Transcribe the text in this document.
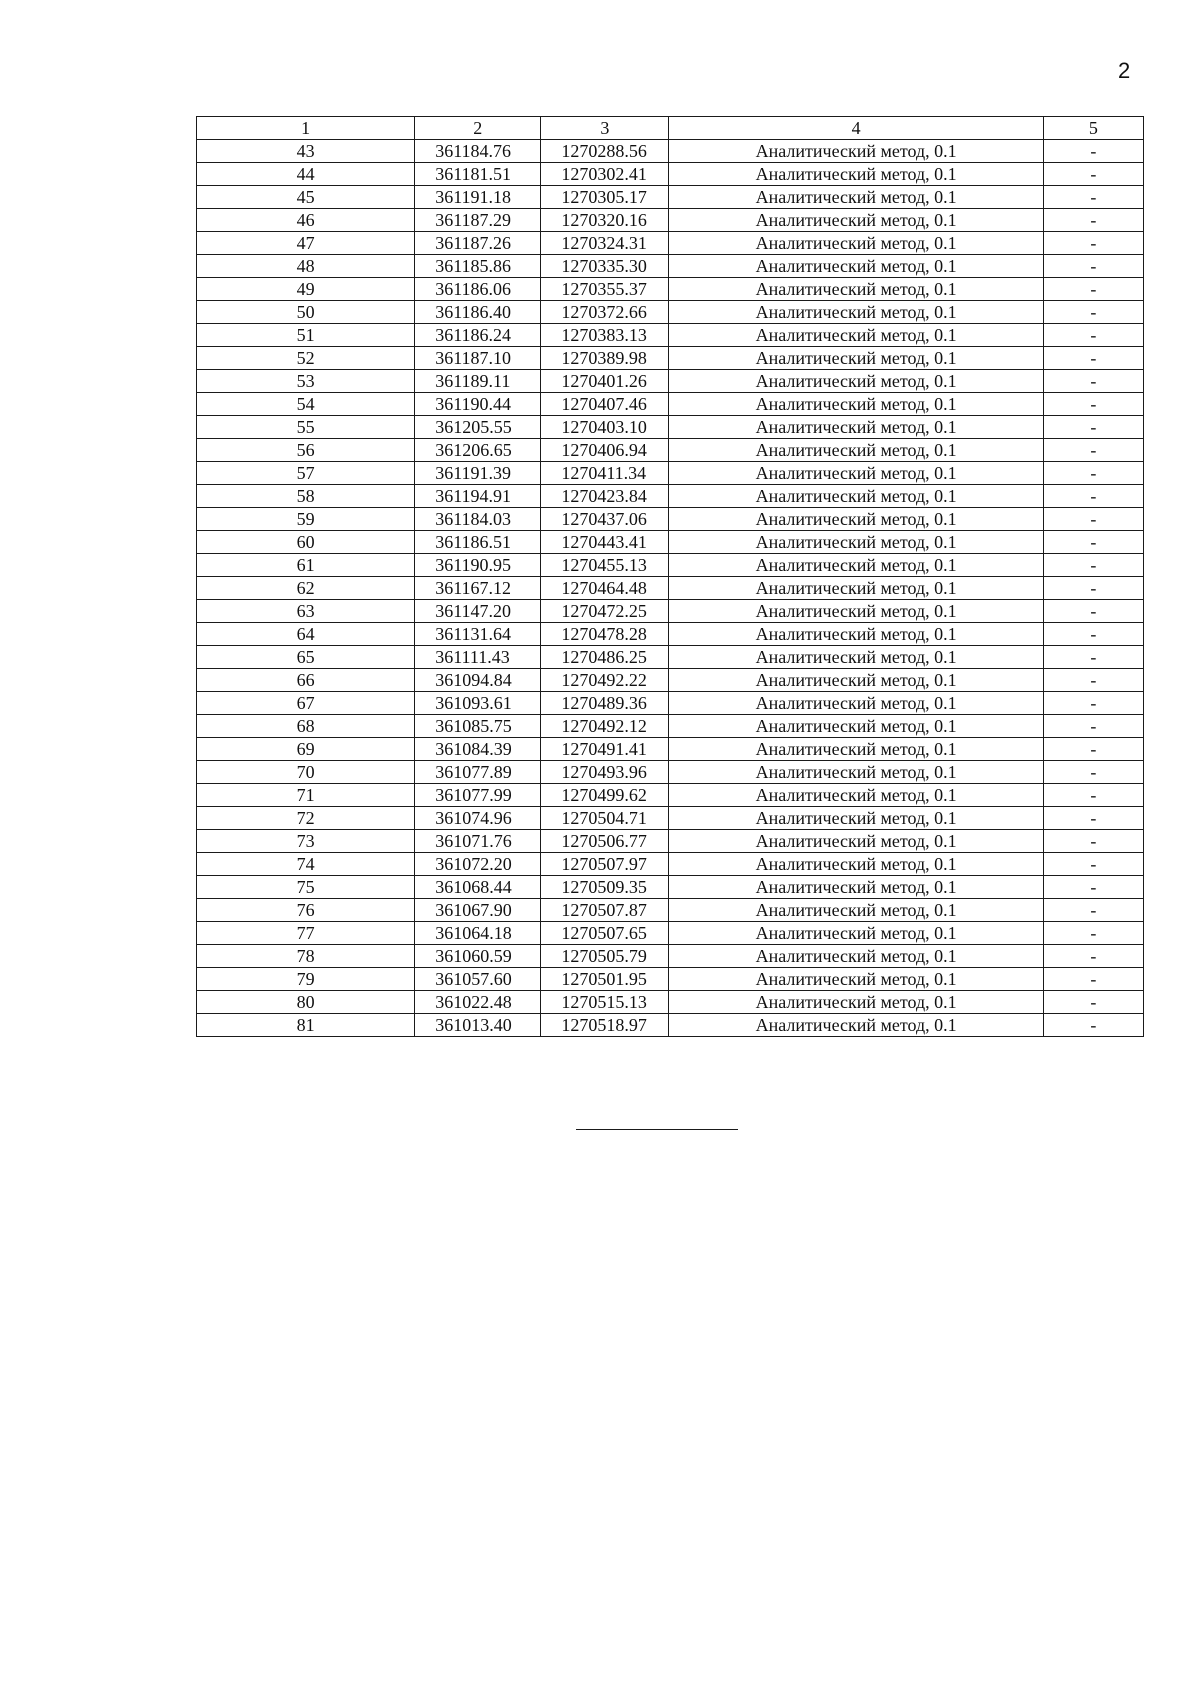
2
1	2	3	4	5
43	361184.76	1270288.56	Аналитический метод, 0.1	-
44	361181.51	1270302.41	Аналитический метод, 0.1	-
45	361191.18	1270305.17	Аналитический метод, 0.1	-
46	361187.29	1270320.16	Аналитический метод, 0.1	-
47	361187.26	1270324.31	Аналитический метод, 0.1	-
48	361185.86	1270335.30	Аналитический метод, 0.1	-
49	361186.06	1270355.37	Аналитический метод, 0.1	-
50	361186.40	1270372.66	Аналитический метод, 0.1	-
51	361186.24	1270383.13	Аналитический метод, 0.1	-
52	361187.10	1270389.98	Аналитический метод, 0.1	-
53	361189.11	1270401.26	Аналитический метод, 0.1	-
54	361190.44	1270407.46	Аналитический метод, 0.1	-
55	361205.55	1270403.10	Аналитический метод, 0.1	-
56	361206.65	1270406.94	Аналитический метод, 0.1	-
57	361191.39	1270411.34	Аналитический метод, 0.1	-
58	361194.91	1270423.84	Аналитический метод, 0.1	-
59	361184.03	1270437.06	Аналитический метод, 0.1	-
60	361186.51	1270443.41	Аналитический метод, 0.1	-
61	361190.95	1270455.13	Аналитический метод, 0.1	-
62	361167.12	1270464.48	Аналитический метод, 0.1	-
63	361147.20	1270472.25	Аналитический метод, 0.1	-
64	361131.64	1270478.28	Аналитический метод, 0.1	-
65	361111.43	1270486.25	Аналитический метод, 0.1	-
66	361094.84	1270492.22	Аналитический метод, 0.1	-
67	361093.61	1270489.36	Аналитический метод, 0.1	-
68	361085.75	1270492.12	Аналитический метод, 0.1	-
69	361084.39	1270491.41	Аналитический метод, 0.1	-
70	361077.89	1270493.96	Аналитический метод, 0.1	-
71	361077.99	1270499.62	Аналитический метод, 0.1	-
72	361074.96	1270504.71	Аналитический метод, 0.1	-
73	361071.76	1270506.77	Аналитический метод, 0.1	-
74	361072.20	1270507.97	Аналитический метод, 0.1	-
75	361068.44	1270509.35	Аналитический метод, 0.1	-
76	361067.90	1270507.87	Аналитический метод, 0.1	-
77	361064.18	1270507.65	Аналитический метод, 0.1	-
78	361060.59	1270505.79	Аналитический метод, 0.1	-
79	361057.60	1270501.95	Аналитический метод, 0.1	-
80	361022.48	1270515.13	Аналитический метод, 0.1	-
81	361013.40	1270518.97	Аналитический метод, 0.1	-
